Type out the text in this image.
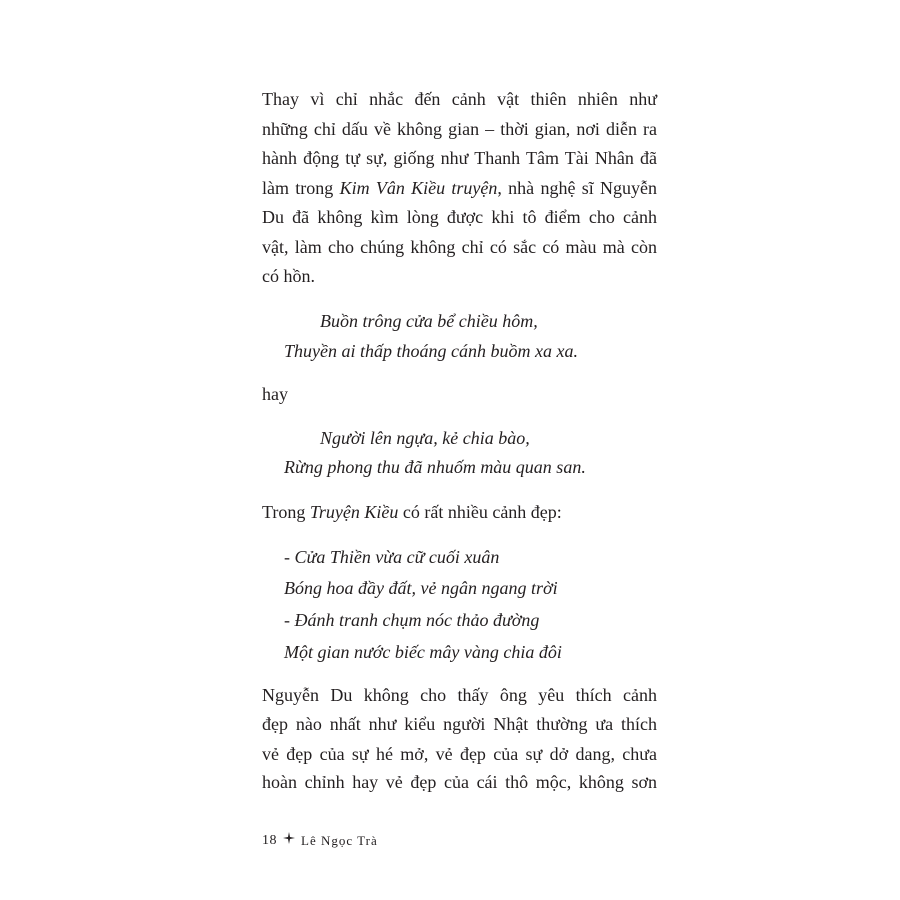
Thay vì chỉ nhắc đến cảnh vật thiên nhiên như
những chỉ dấu về không gian – thời gian, nơi diễn ra
hành động tự sự, giống như Thanh Tâm Tài Nhân đã
làm trong Kim Vân Kiều truyện, nhà nghệ sĩ Nguyễn
Du đã không kìm lòng được khi tô điểm cho cảnh
vật, làm cho chúng không chỉ có sắc có màu mà còn
có hồn.
Buồn trông cửa bể chiều hôm,
Thuyền ai thấp thoáng cánh buồm xa xa.
hay
Người lên ngựa, kẻ chia bào,
Rừng phong thu đã nhuốm màu quan san.
Trong Truyện Kiều có rất nhiều cảnh đẹp:
- Cửa Thiền vừa cữ cuối xuân
Bóng hoa đầy đất, vẻ ngân ngang trời
- Đánh tranh chụm nóc thảo đường
Một gian nước biếc mây vàng chia đôi
Nguyễn Du không cho thấy ông yêu thích cảnh
đẹp nào nhất như kiểu người Nhật thường ưa thích
vẻ đẹp của sự hé mở, vẻ đẹp của sự dở dang, chưa
hoàn chỉnh hay vẻ đẹp của cái thô mộc, không sơn
18 Lê Ngọc Trà
